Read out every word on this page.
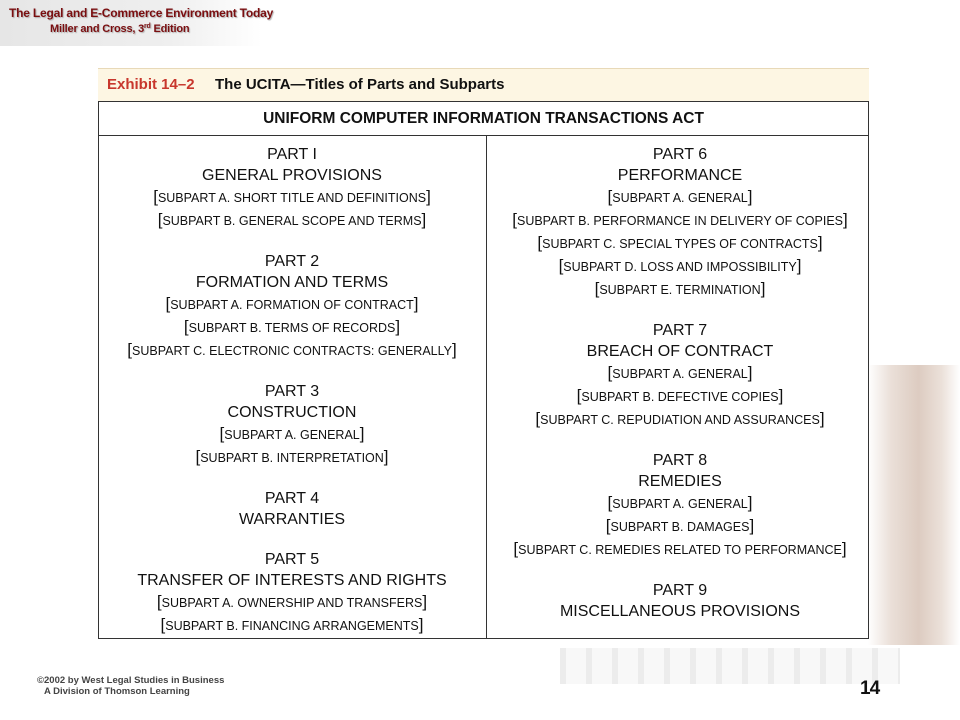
The Legal and E-Commerce Environment Today
Miller and Cross, 3rd Edition
Exhibit 14–2 The UCITA—Titles of Parts and Subparts
UNIFORM COMPUTER INFORMATION TRANSACTIONS ACT
PART I
GENERAL PROVISIONS
[SUBPART A. SHORT TITLE AND DEFINITIONS]
[SUBPART B. GENERAL SCOPE AND TERMS]
PART 2
FORMATION AND TERMS
[SUBPART A. FORMATION OF CONTRACT]
[SUBPART B. TERMS OF RECORDS]
[SUBPART C. ELECTRONIC CONTRACTS: GENERALLY]
PART 3
CONSTRUCTION
[SUBPART A. GENERAL]
[SUBPART B. INTERPRETATION]
PART 4
WARRANTIES
PART 5
TRANSFER OF INTERESTS AND RIGHTS
[SUBPART A. OWNERSHIP AND TRANSFERS]
[SUBPART B. FINANCING ARRANGEMENTS]
PART 6
PERFORMANCE
[SUBPART A. GENERAL]
[SUBPART B. PERFORMANCE IN DELIVERY OF COPIES]
[SUBPART C. SPECIAL TYPES OF CONTRACTS]
[SUBPART D. LOSS AND IMPOSSIBILITY]
[SUBPART E. TERMINATION]
PART 7
BREACH OF CONTRACT
[SUBPART A. GENERAL]
[SUBPART B. DEFECTIVE COPIES]
[SUBPART C. REPUDIATION AND ASSURANCES]
PART 8
REMEDIES
[SUBPART A. GENERAL]
[SUBPART B. DAMAGES]
[SUBPART C. REMEDIES RELATED TO PERFORMANCE]
PART 9
MISCELLANEOUS PROVISIONS
©2002 by West Legal Studies in Business
A Division of Thomson Learning	14
